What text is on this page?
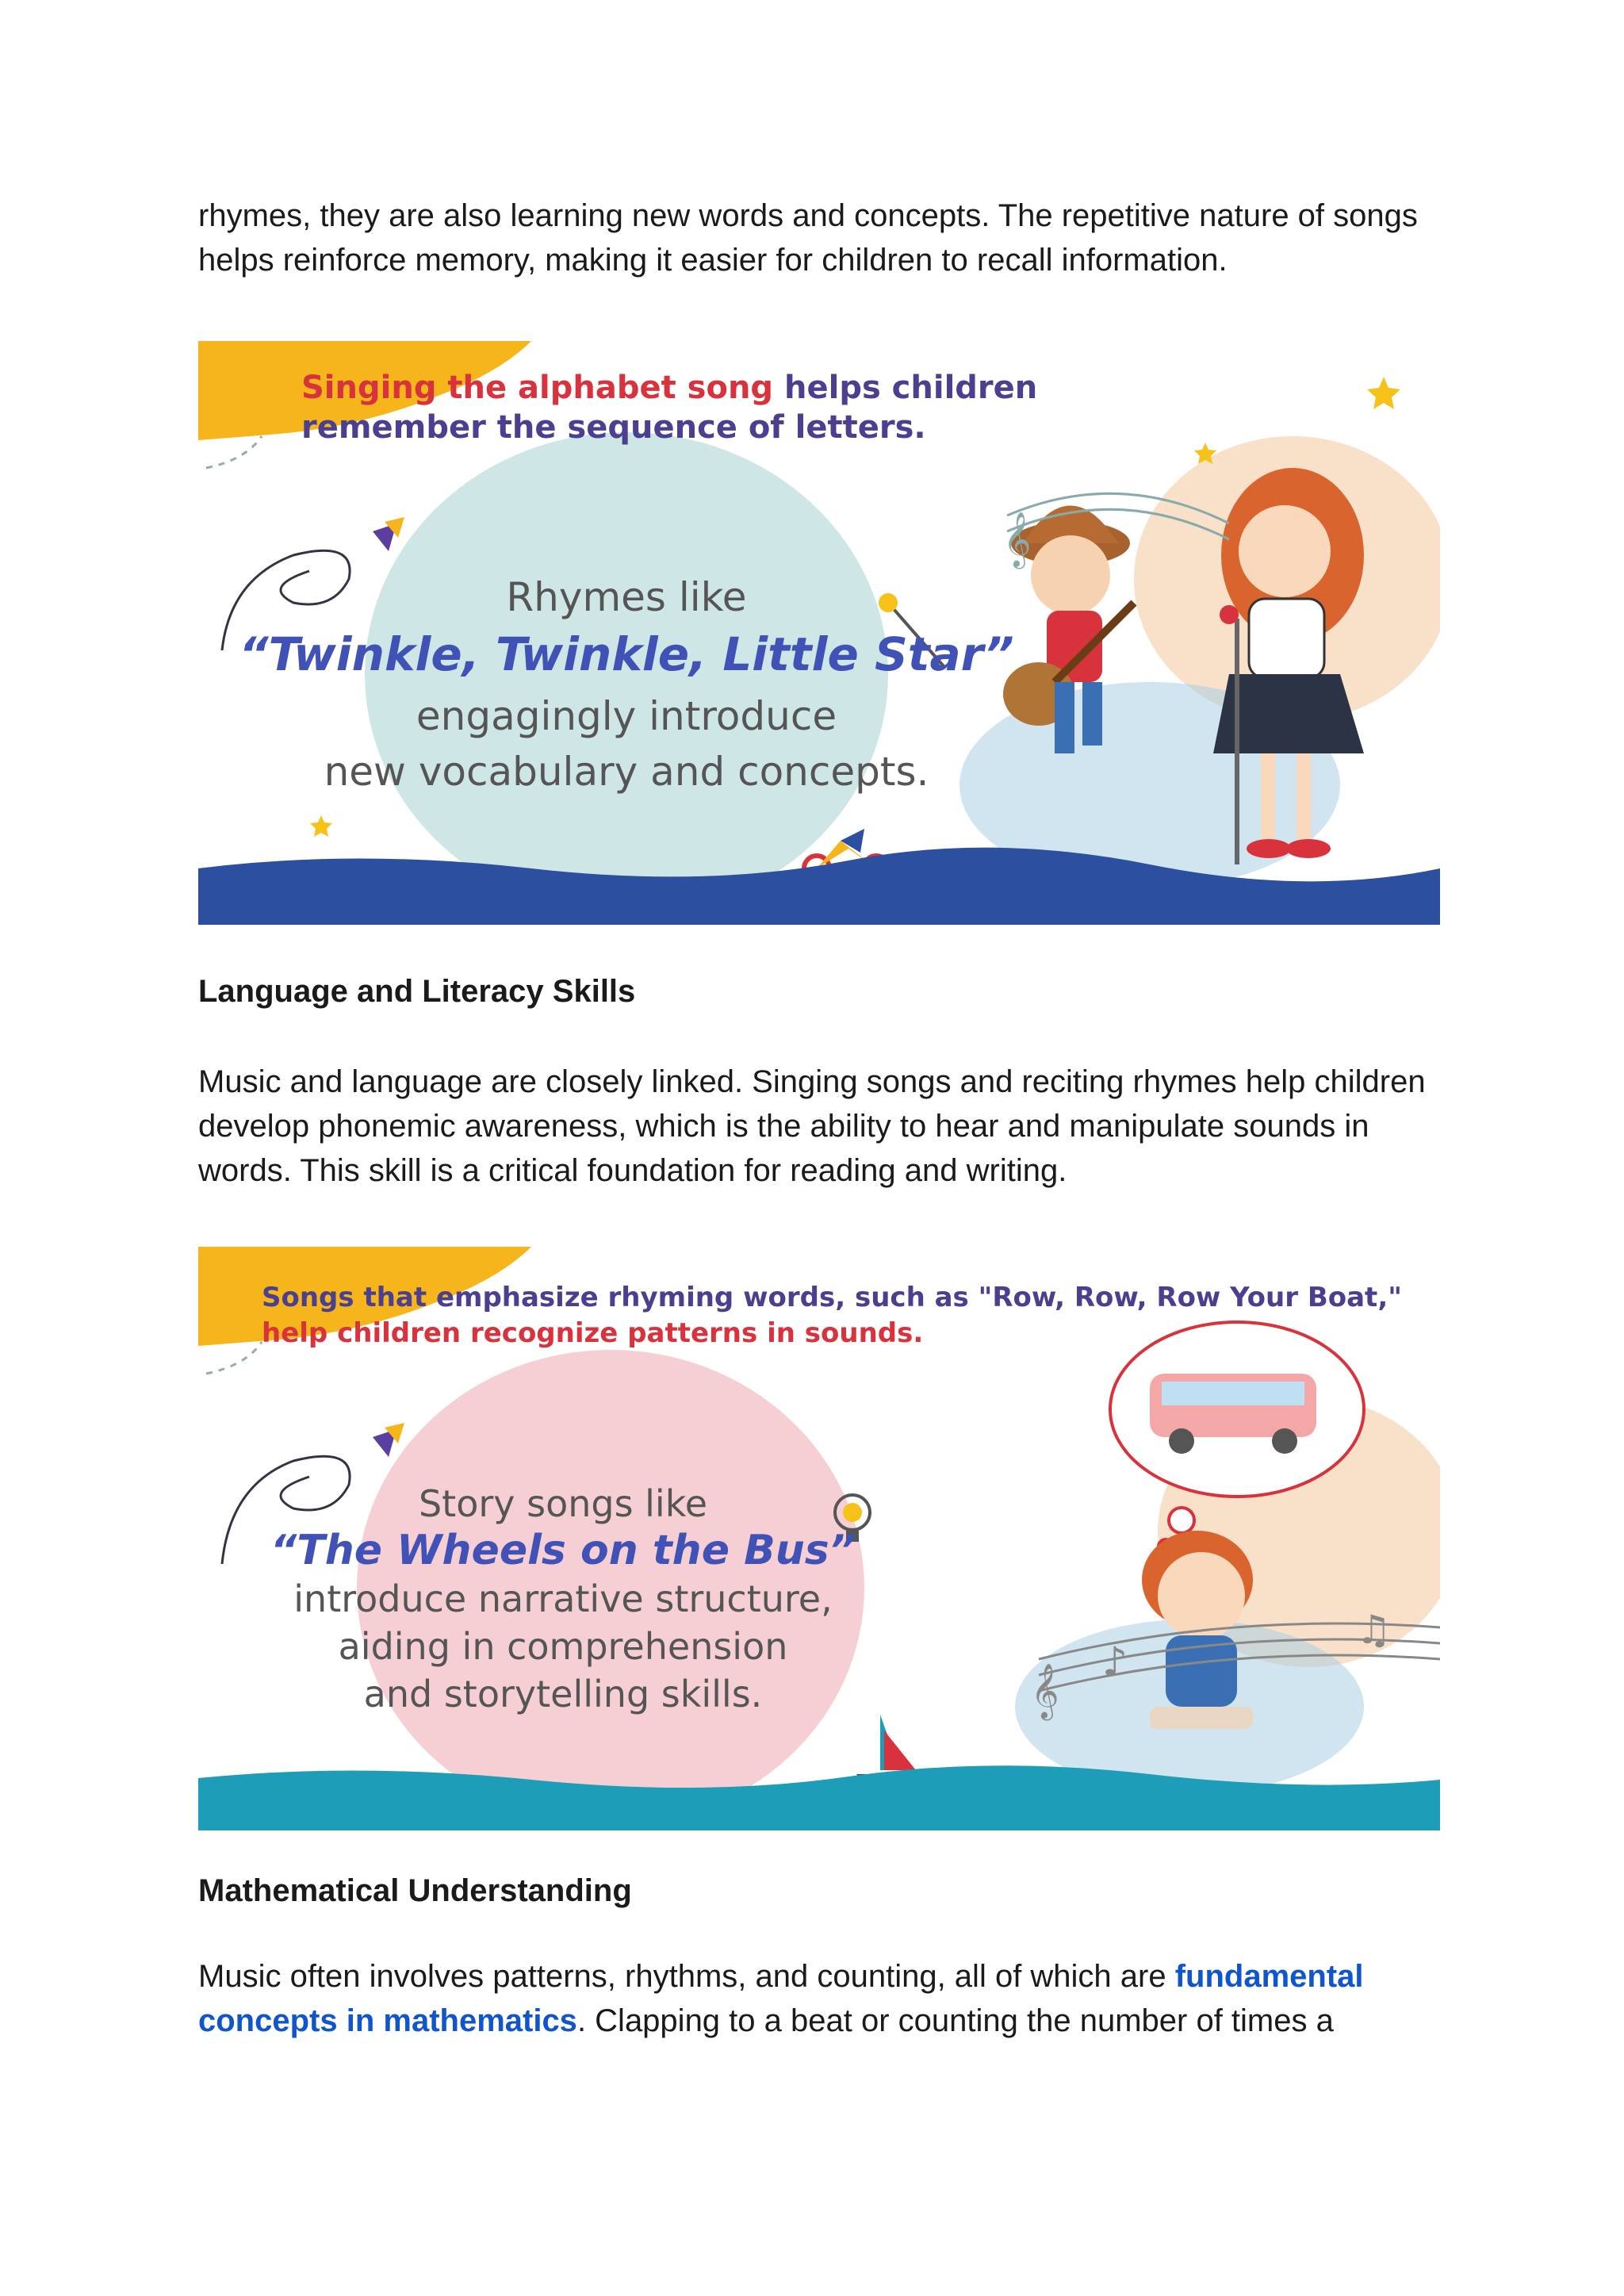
rhymes, they are also learning new words and concepts. The repetitive nature of songs helps reinforce memory, making it easier for children to recall information.

𝄞
Singing the alphabet song helps children
remember the sequence of letters.
Rhymes like
“Twinkle, Twinkle, Little Star”
engagingly introduce
new vocabulary and concepts.

Language and Literacy Skills

Music and language are closely linked. Singing songs and reciting rhymes help children develop phonemic awareness, which is the ability to hear and manipulate sounds in words. This skill is a critical foundation for reading and writing.

𝄞
♫
♪
Songs that emphasize rhyming words, such as "Row, Row, Row Your Boat,"
help children recognize patterns in sounds.
Story songs like
“The Wheels on the Bus”
introduce narrative structure,
aiding in comprehension
and storytelling skills.

Mathematical Understanding

Music often involves patterns, rhythms, and counting, all of which are fundamental concepts in mathematics. Clapping to a beat or counting the number of times a
